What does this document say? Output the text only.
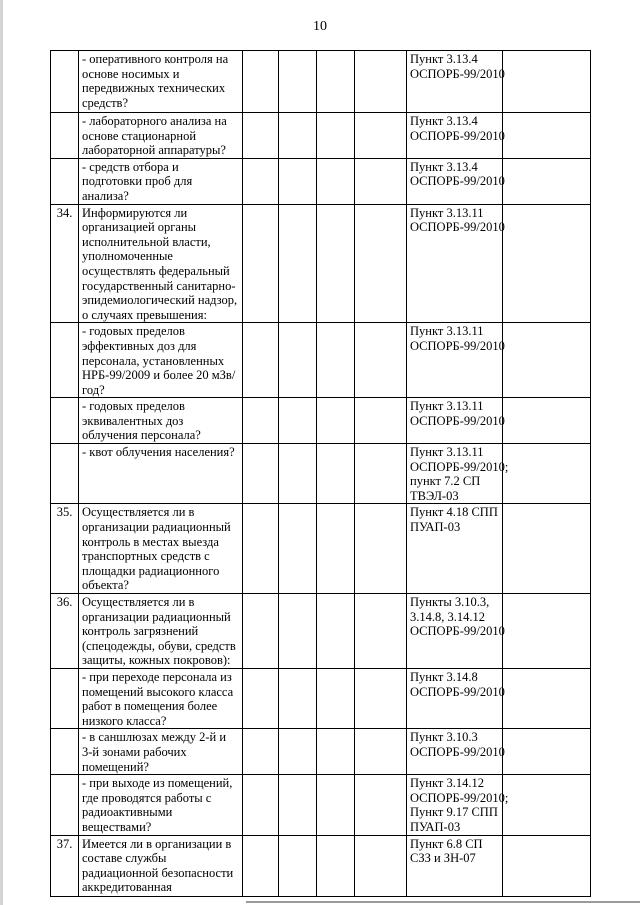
10
	- оперативного контроля на основе носимых и передвижных технических средств?					Пункт 3.13.4 ОСПОРБ-99/2010	
	- лабораторного анализа на основе стационарной лабораторной аппаратуры?					Пункт 3.13.4 ОСПОРБ-99/2010	
	- средств отбора и подготовки проб для анализа?					Пункт 3.13.4 ОСПОРБ-99/2010	
34.	Информируются ли организацией органы исполнительной власти, уполномоченные осуществлять федеральный государственный санитарно-эпидемиологический надзор, о случаях превышения:					Пункт 3.13.11 ОСПОРБ-99/2010	
	- годовых пределов эффективных доз для персонала, установленных НРБ-99/2009 и более 20 мЗв/год?					Пункт 3.13.11 ОСПОРБ-99/2010	
	- годовых пределов эквивалентных доз облучения персонала?					Пункт 3.13.11 ОСПОРБ-99/2010	
	- квот облучения населения?					Пункт 3.13.11 ОСПОРБ-99/2010; пункт 7.2 СП ТВЭЛ-03	
35.	Осуществляется ли в организации радиационный контроль в местах выезда транспортных средств с площадки радиационного объекта?					Пункт 4.18 СПП ПУАП-03	
36.	Осуществляется ли в организации радиационный контроль загрязнений (спецодежды, обуви, средств защиты, кожных покровов):					Пункты 3.10.3, 3.14.8, 3.14.12 ОСПОРБ-99/2010	
	- при переходе персонала из помещений высокого класса работ в помещения более низкого класса?					Пункт 3.14.8 ОСПОРБ-99/2010	
	- в саншлюзах между 2-й и 3-й зонами рабочих помещений?					Пункт 3.10.3 ОСПОРБ-99/2010	
	- при выходе из помещений, где проводятся работы с радиоактивными веществами?					Пункт 3.14.12 ОСПОРБ-99/2010; Пункт 9.17 СПП ПУАП-03	
37.	Имеется ли в организации в составе службы радиационной безопасности аккредитованная					Пункт 6.8 СП СЗЗ и ЗН-07	
